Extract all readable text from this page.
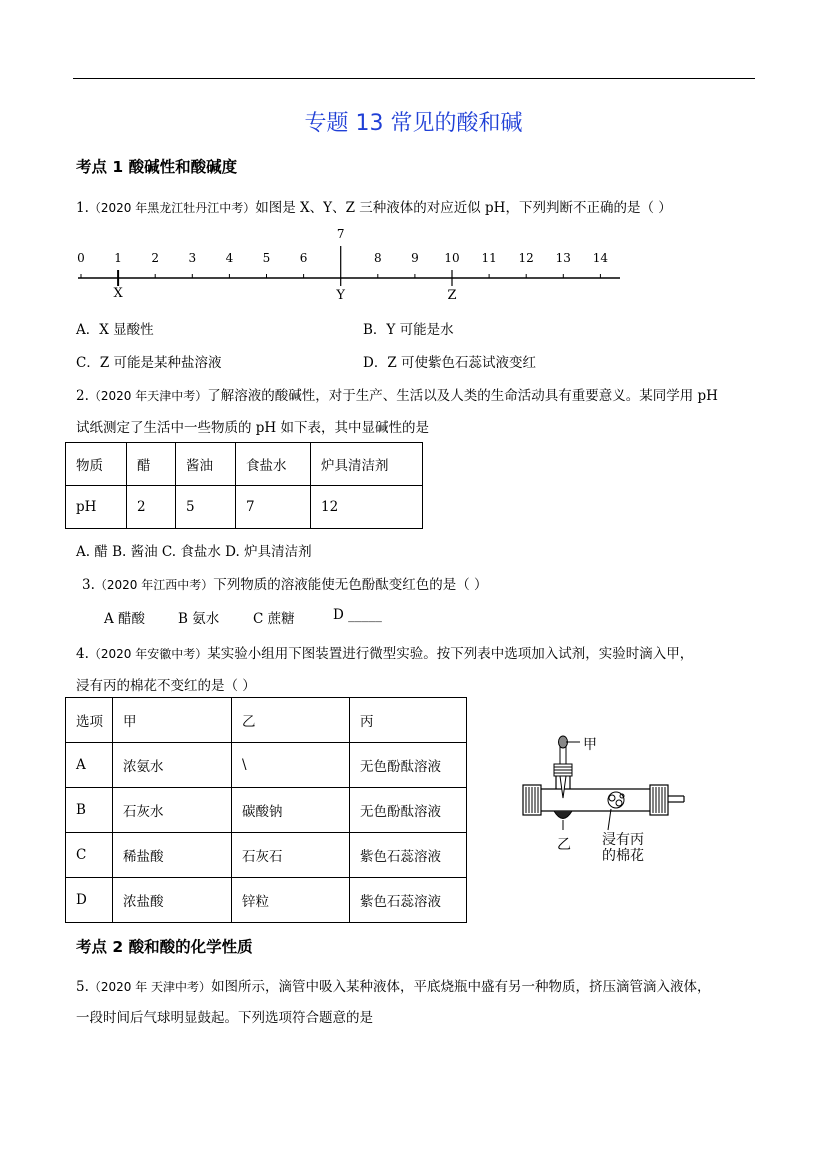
专题 13 常见的酸和碱
考点 1 酸碱性和酸碱度
1.（2020 年黑龙江牡丹江中考）如图是 X、Y、Z 三种液体的对应近似 pH，下列判断不正确的是（ ）
0 1 2 3 4 5 6
7
8 9 10 11 12 13 14
X	Y	Z
A．X 显酸性	B．Y 可能是水
C．Z 可能是某种盐溶液	D．Z 可使紫色石蕊试液变红
2.（2020 年天津中考）了解溶液的酸碱性，对于生产、生活以及人类的生命活动具有重要意义。某同学用 pH
试纸测定了生活中一些物质的 pH 如下表，其中显碱性的是
物质	醋	酱油	食盐水	炉具清洁剂
pH	2	5	7	12
A. 醋 B. 酱油 C. 食盐水 D. 炉具清洁剂
3.（2020 年江西中考）下列物质的溶液能使无色酚酞变红色的是（ ）
A 醋酸 B 氨水	C 蔗糖	D _____
4.（2020 年安徽中考）某实验小组用下图装置进行微型实验。按下列表中选项加入试剂，实验时滴入甲，
浸有丙的棉花不变红的是（ ）
选项	甲	乙	丙
A	浓氨水	\	无色酚酞溶液
B	石灰水	碳酸钠	无色酚酞溶液
C	稀盐酸	石灰石	紫色石蕊溶液
D	浓盐酸	锌粒	紫色石蕊溶液
甲
乙 浸有丙
的棉花
考点 2 酸和酸的化学性质
5.（2020 年 天津中考）如图所示，滴管中吸入某种液体，平底烧瓶中盛有另一种物质，挤压滴管滴入液体，
一段时间后气球明显鼓起。下列选项符合题意的是
